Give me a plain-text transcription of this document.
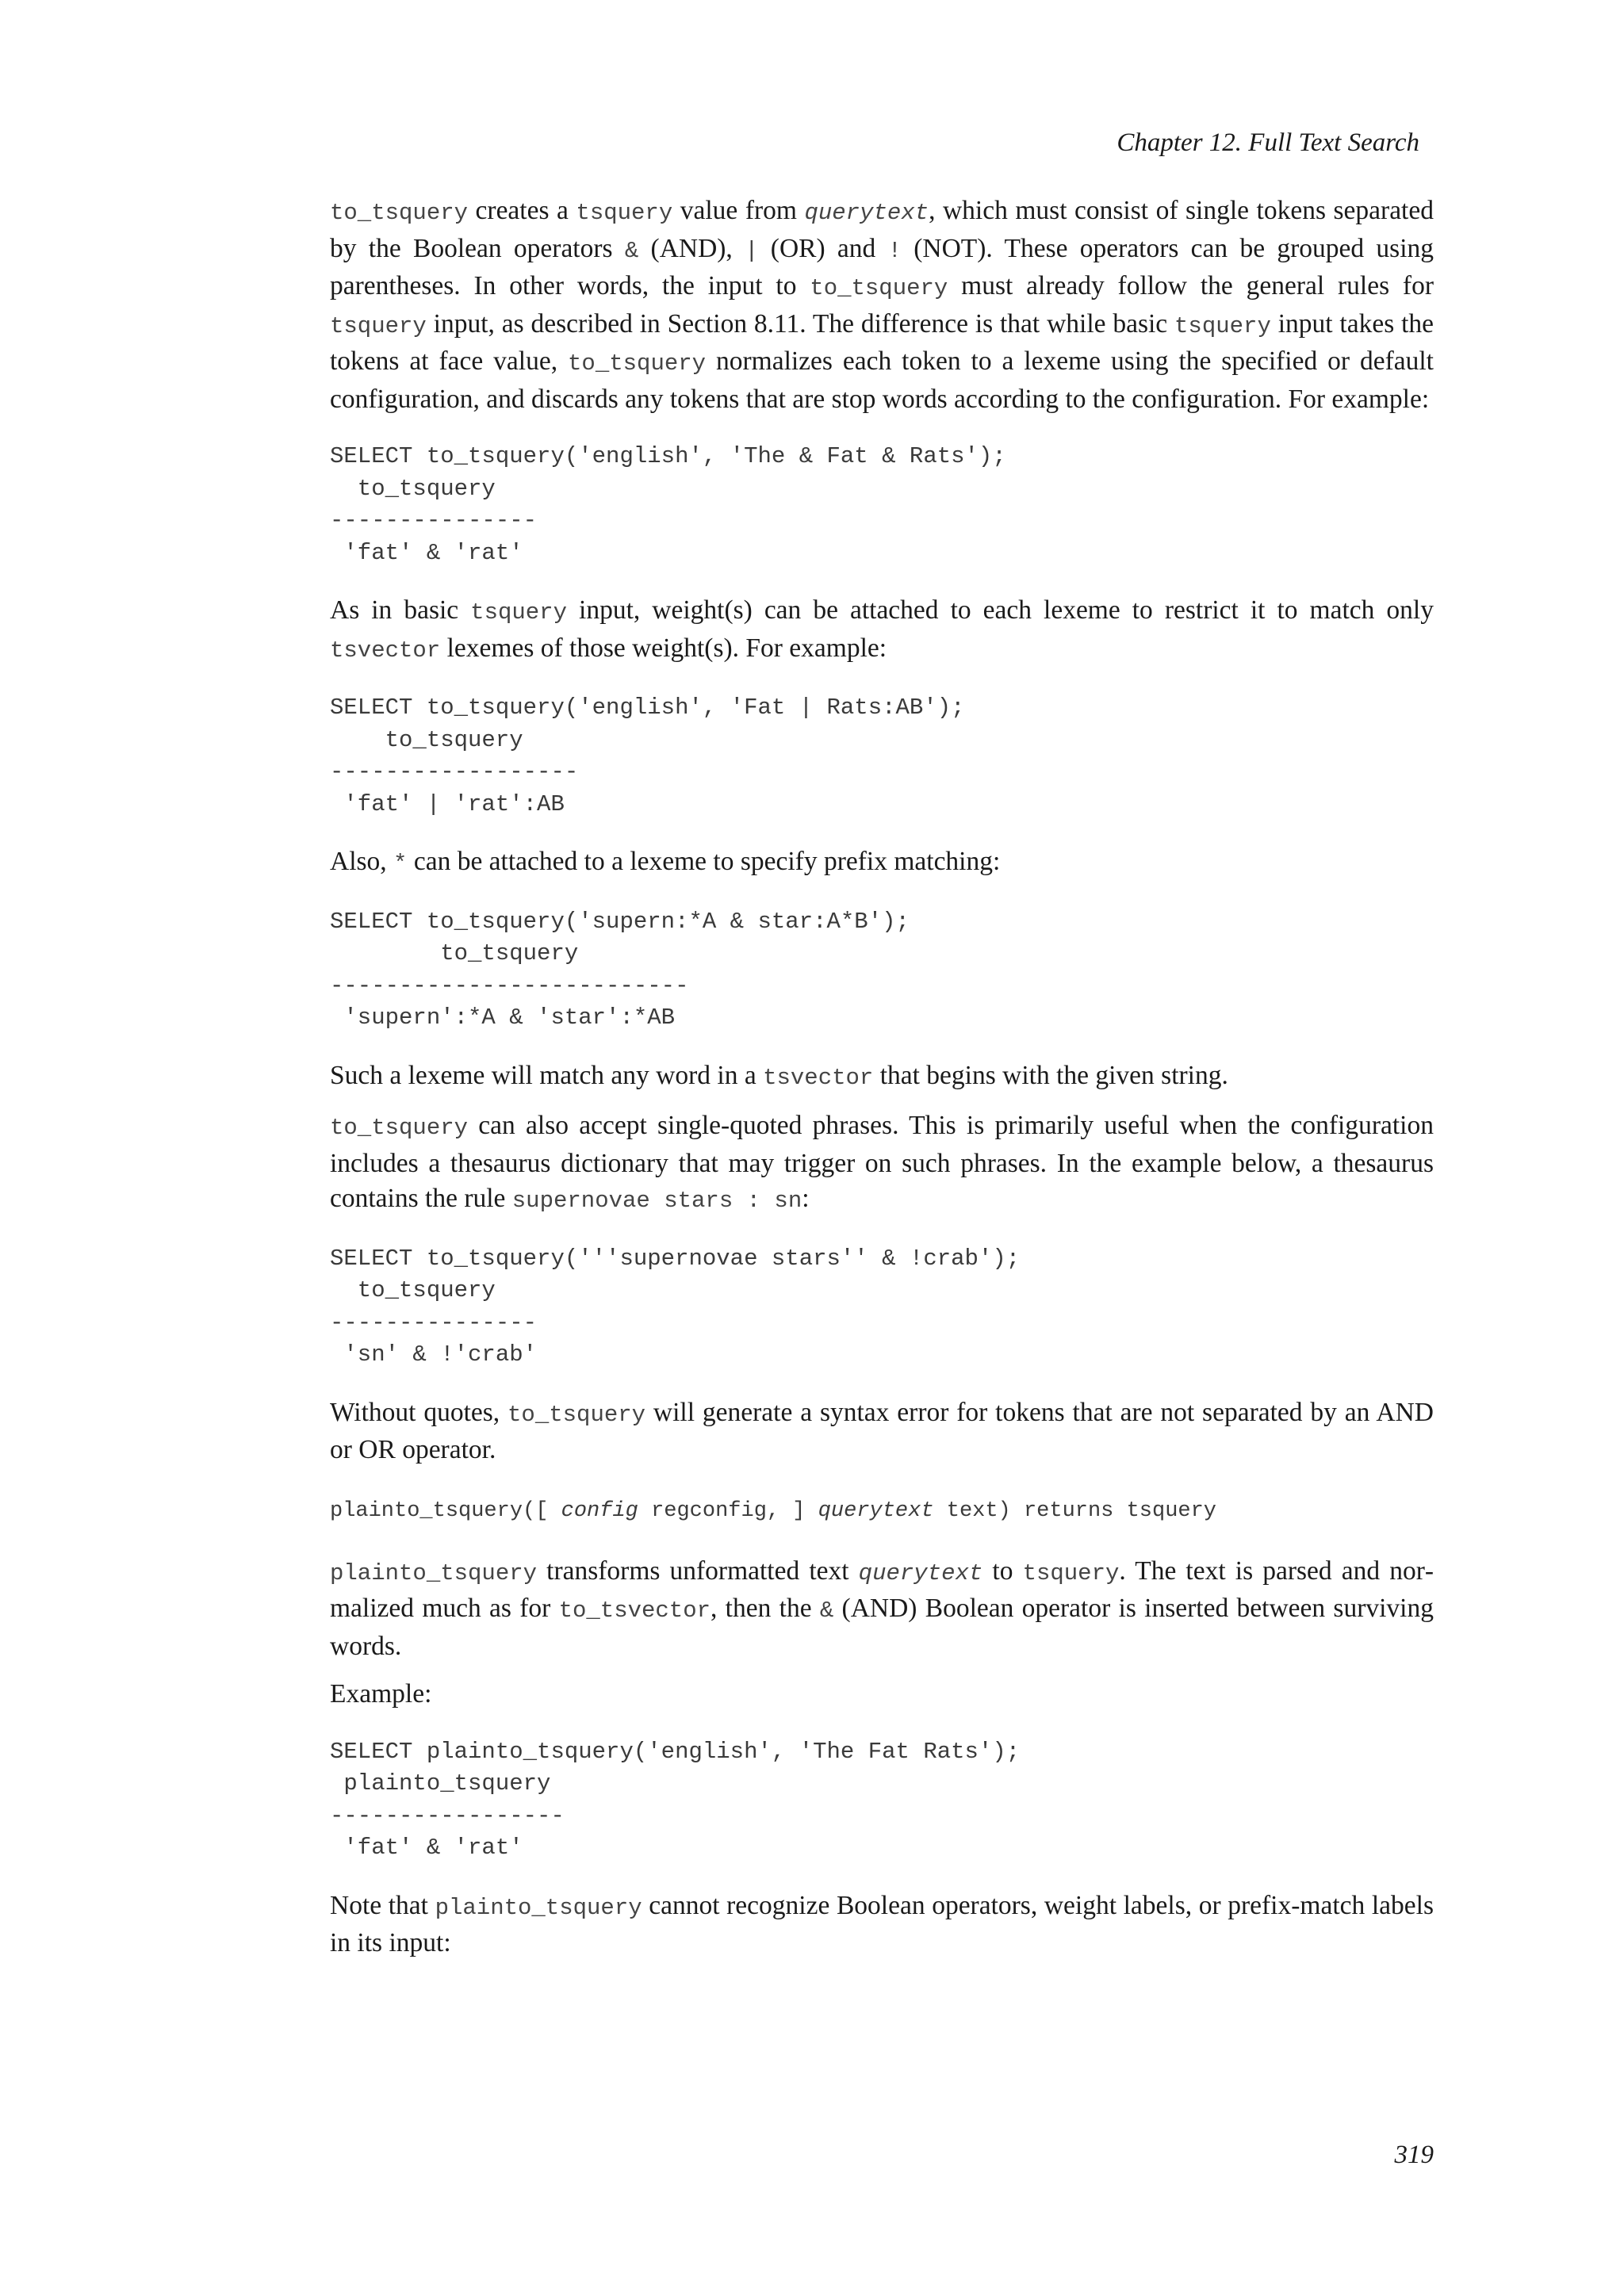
Chapter 12. Full Text Search

to_tsquery creates a tsquery value from querytext, which must consist of single tokens separated by the Boolean operators & (AND), | (OR) and ! (NOT). These operators can be grouped using parentheses. In other words, the input to to_tsquery must already follow the general rules for tsquery input, as described in Section 8.11. The difference is that while basic tsquery input takes the tokens at face value, to_tsquery normalizes each token to a lexeme using the specified or default configuration, and discards any tokens that are stop words according to the configuration. For example:

SELECT to_tsquery('english', 'The & Fat & Rats');
to_tsquery
---------------
'fat' & 'rat'

As in basic tsquery input, weight(s) can be attached to each lexeme to restrict it to match only tsvector lexemes of those weight(s). For example:

SELECT to_tsquery('english', 'Fat | Rats:AB');
to_tsquery
------------------
'fat' | 'rat':AB

Also, * can be attached to a lexeme to specify prefix matching:

SELECT to_tsquery('supern:*A & star:A*B');
to_tsquery
--------------------------
'supern':*A & 'star':*AB

Such a lexeme will match any word in a tsvector that begins with the given string.

to_tsquery can also accept single-quoted phrases. This is primarily useful when the configuration includes a thesaurus dictionary that may trigger on such phrases. In the example below, a thesaurus contains the rule supernovae stars : sn:

SELECT to_tsquery('''supernovae stars'' & !crab');
to_tsquery
---------------
'sn' & !'crab'

Without quotes, to_tsquery will generate a syntax error for tokens that are not separated by an AND or OR operator.

plainto_tsquery([ config regconfig, ] querytext text) returns tsquery

plainto_tsquery transforms unformatted text querytext to tsquery. The text is parsed and normalized much as for to_tsvector, then the & (AND) Boolean operator is inserted between surviving words.

Example:

SELECT plainto_tsquery('english', 'The Fat Rats');
plainto_tsquery
-----------------
'fat' & 'rat'

Note that plainto_tsquery cannot recognize Boolean operators, weight labels, or prefix-match labels in its input:

319
